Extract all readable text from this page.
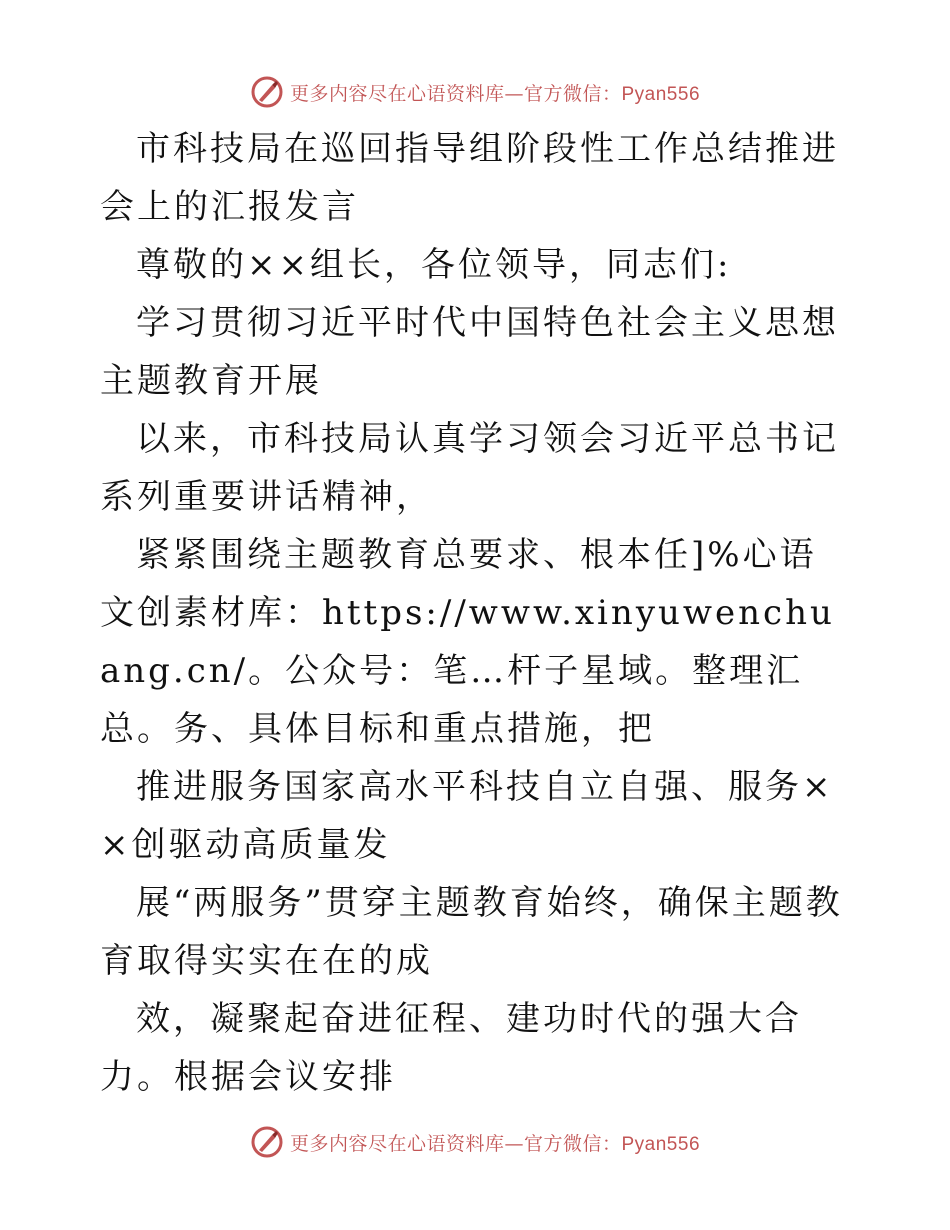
更多内容尽在心语资料库—官方微信：Pyan556

市科技局在巡回指导组阶段性工作总结推进会上的汇报发言

尊敬的××组长，各位领导，同志们:

学习贯彻习近平时代中国特色社会主义思想主题教育开展

以来，市科技局认真学习领会习近平总书记系列重要讲话精神，

紧紧围绕主题教育总要求、根本任]%心语文创素材库：https://www.xinyuwenchuang.cn/。公众号：笔…杆子星域。整理汇总。务、具体目标和重点措施，把

推进服务国家高水平科技自立自强、服务××创驱动高质量发

展“两服务”贯穿主题教育始终，确保主题教育取得实实在在的成

效，凝聚起奋进征程、建功时代的强大合力。根据会议安排

更多内容尽在心语资料库—官方微信：Pyan556
